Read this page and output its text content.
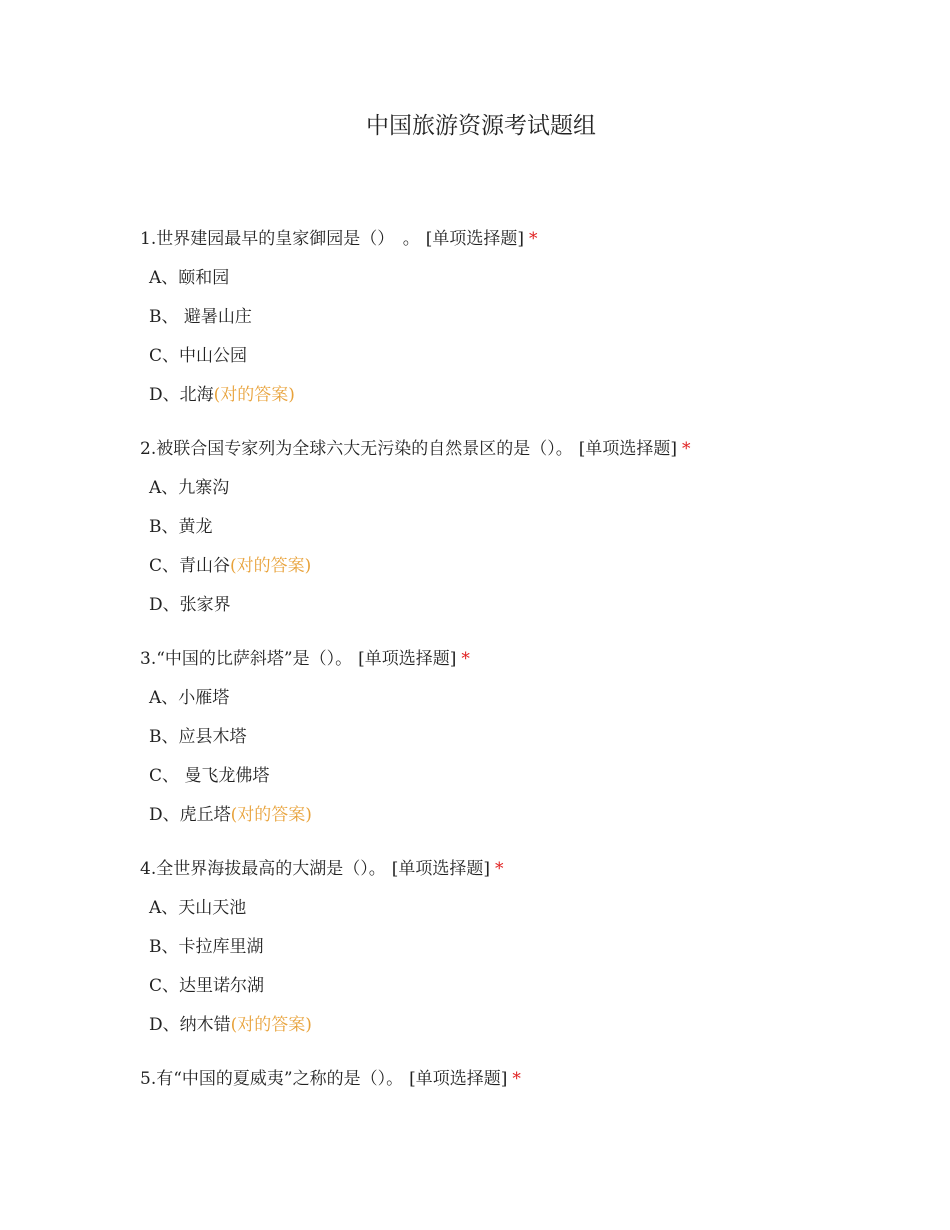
中国旅游资源考试题组

1.世界建园最早的皇家御园是（）　。 [单项选择题] *

A、颐和园
B、 避暑山庄
C、中山公园
D、北海(对的答案)

2.被联合国专家列为全球六大无污染的自然景区的是（）。 [单项选择题] *

A、九寨沟
B、黄龙
C、青山谷(对的答案)
D、张家界

3.“中国的比萨斜塔”是（）。 [单项选择题] *

A、小雁塔
B、应县木塔
C、 曼飞龙佛塔
D、虎丘塔(对的答案)

4.全世界海拔最高的大湖是（）。 [单项选择题] *

A、天山天池
B、卡拉库里湖
C、达里诺尔湖
D、纳木错(对的答案)

5.有“中国的夏威夷”之称的是（）。 [单项选择题] *
